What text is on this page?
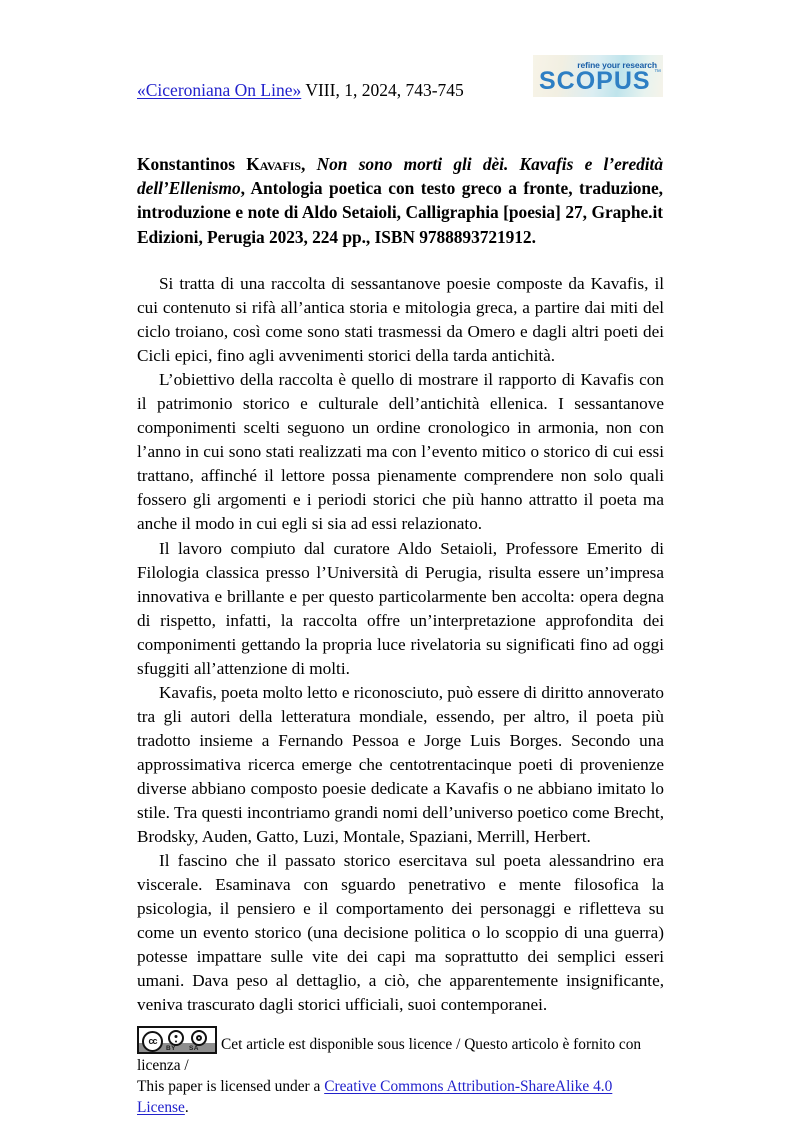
«Ciceroniana On Line» VIII, 1, 2024, 743-745
refine your research
SCOPUS ™
Konstantinos Kavafis, Non sono morti gli dèi. Kavafis e l’eredità dell’Ellenismo, Antologia poetica con testo greco a fronte, traduzione, introduzione e note di Aldo Setaioli, Calligraphia [poesia] 27, Graphe.it Edizioni, Perugia 2023, 224 pp., ISBN 9788893721912.

Si tratta di una raccolta di sessantanove poesie composte da Kavafis, il cui contenuto si rifà all’antica storia e mitologia greca, a partire dai miti del ciclo troiano, così come sono stati trasmessi da Omero e dagli altri poeti dei Cicli epici, fino agli avvenimenti storici della tarda antichità.

L’obiettivo della raccolta è quello di mostrare il rapporto di Kavafis con il patrimonio storico e culturale dell’antichità ellenica. I sessantanove componimenti scelti seguono un ordine cronologico in armonia, non con l’anno in cui sono stati realizzati ma con l’evento mitico o storico di cui essi trattano, affinché il lettore possa pienamente comprendere non solo quali fossero gli argomenti e i periodi storici che più hanno attratto il poeta ma anche il modo in cui egli si sia ad essi relazionato.

Il lavoro compiuto dal curatore Aldo Setaioli, Professore Emerito di Filologia classica presso l’Università di Perugia, risulta essere un’impresa innovativa e brillante e per questo particolarmente ben accolta: opera degna di rispetto, infatti, la raccolta offre un’interpretazione approfondita dei componimenti gettando la propria luce rivelatoria su significati fino ad oggi sfuggiti all’attenzione di molti.

Kavafis, poeta molto letto e riconosciuto, può essere di diritto annoverato tra gli autori della letteratura mondiale, essendo, per altro, il poeta più tradotto insieme a Fernando Pessoa e Jorge Luis Borges. Secondo una approssimativa ricerca emerge che centotrentacinque poeti di provenienze diverse abbiano composto poesie dedicate a Kavafis o ne abbiano imitato lo stile. Tra questi incontriamo grandi nomi dell’universo poetico come Brecht, Brodsky, Auden, Gatto, Luzi, Montale, Spaziani, Merrill, Herbert.

Il fascino che il passato storico esercitava sul poeta alessandrino era viscerale. Esaminava con sguardo penetrativo e mente filosofica la psicologia, il pensiero e il comportamento dei personaggi e rifletteva su come un evento storico (una decisione politica o lo scoppio di una guerra) potesse impattare sulle vite dei capi ma soprattutto dei semplici esseri umani. Dava peso al dettaglio, a ciò, che apparentemente insignificante, veniva trascurato dagli storici ufficiali, suoi contemporanei.

cc
BY SA Cet article est disponible sous licence / Questo articolo è fornito con licenza /
This paper is licensed under a Creative Commons Attribution-ShareAlike 4.0 License.
